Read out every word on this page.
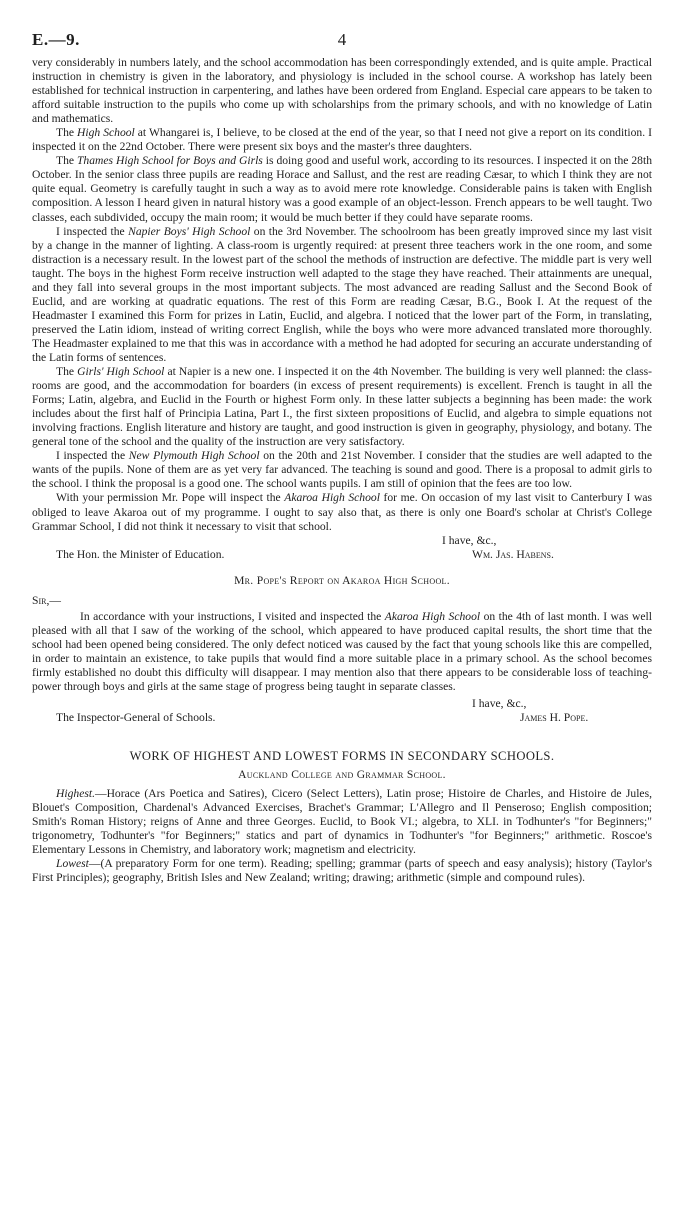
E.—9.	4

very considerably in numbers lately, and the school accommodation has been correspondingly extended, and is quite ample. Practical instruction in chemistry is given in the laboratory, and physiology is included in the school course. A workshop has lately been established for technical instruction in carpentering, and lathes have been ordered from England. Especial care appears to be taken to afford suitable instruction to the pupils who come up with scholarships from the primary schools, and with no knowledge of Latin and mathematics.

The High School at Whangarei is, I believe, to be closed at the end of the year, so that I need not give a report on its condition. I inspected it on the 22nd October. There were present six boys and the master's three daughters.

The Thames High School for Boys and Girls is doing good and useful work, according to its resources. I inspected it on the 28th October. In the senior class three pupils are reading Horace and Sallust, and the rest are reading Cæsar, to which I think they are not quite equal. Geometry is carefully taught in such a way as to avoid mere rote knowledge. Considerable pains is taken with English composition. A lesson I heard given in natural history was a good example of an object-lesson. French appears to be well taught. Two classes, each subdivided, occupy the main room; it would be much better if they could have separate rooms.

I inspected the Napier Boys' High School on the 3rd November. The schoolroom has been greatly improved since my last visit by a change in the manner of lighting. A class-room is urgently required: at present three teachers work in the one room, and some distraction is a necessary result. In the lowest part of the school the methods of instruction are defective. The middle part is very well taught. The boys in the highest Form receive instruction well adapted to the stage they have reached. Their attainments are unequal, and they fall into several groups in the most important subjects. The most advanced are reading Sallust and the Second Book of Euclid, and are working at quadratic equations. The rest of this Form are reading Cæsar, B.G., Book I. At the request of the Headmaster I examined this Form for prizes in Latin, Euclid, and algebra. I noticed that the lower part of the Form, in translating, preserved the Latin idiom, instead of writing correct English, while the boys who were more advanced translated more thoroughly. The Headmaster explained to me that this was in accordance with a method he had adopted for securing an accurate understanding of the Latin forms of sentences.

The Girls' High School at Napier is a new one. I inspected it on the 4th November. The building is very well planned: the class-rooms are good, and the accommodation for boarders (in excess of present requirements) is excellent. French is taught in all the Forms; Latin, algebra, and Euclid in the Fourth or highest Form only. In these latter subjects a beginning has been made: the work includes about the first half of Principia Latina, Part I., the first sixteen propositions of Euclid, and algebra to simple equations not involving fractions. English literature and history are taught, and good instruction is given in geography, physiology, and botany. The general tone of the school and the quality of the instruction are very satisfactory.

I inspected the New Plymouth High School on the 20th and 21st November. I consider that the studies are well adapted to the wants of the pupils. None of them are as yet very far advanced. The teaching is sound and good. There is a proposal to admit girls to the school. I think the proposal is a good one. The school wants pupils. I am still of opinion that the fees are too low.

With your permission Mr. Pope will inspect the Akaroa High School for me. On occasion of my last visit to Canterbury I was obliged to leave Akaroa out of my programme. I ought to say also that, as there is only one Board's scholar at Christ's College Grammar School, I did not think it necessary to visit that school.

I have, &c.,
The Hon. the Minister of Education.	Wm. Jas. Habens.
Mr. Pope's Report on Akaroa High School.
Sir,—

In accordance with your instructions, I visited and inspected the Akaroa High School on the 4th of last month. I was well pleased with all that I saw of the working of the school, which appeared to have produced capital results, the short time that the school had been opened being considered. The only defect noticed was caused by the fact that young schools like this are compelled, in order to maintain an existence, to take pupils that would find a more suitable place in a primary school. As the school becomes firmly established no doubt this difficulty will disappear. I may mention also that there appears to be considerable loss of teaching-power through boys and girls at the same stage of progress being taught in separate classes.

I have, &c.,
The Inspector-General of Schools.	James H. Pope.
WORK OF HIGHEST AND LOWEST FORMS IN SECONDARY SCHOOLS.
Auckland College and Grammar School.

Highest.—Horace (Ars Poetica and Satires), Cicero (Select Letters), Latin prose; Histoire de Charles, and Histoire de Jules, Blouet's Composition, Chardenal's Advanced Exercises, Brachet's Grammar; L'Allegro and Il Penseroso; English composition; Smith's Roman History; reigns of Anne and three Georges. Euclid, to Book VI.; algebra, to XLI. in Todhunter's "for Beginners;" trigonometry, Todhunter's "for Beginners;" statics and part of dynamics in Todhunter's "for Beginners;" arithmetic. Roscoe's Elementary Lessons in Chemistry, and laboratory work; magnetism and electricity.

Lowest—(A preparatory Form for one term). Reading; spelling; grammar (parts of speech and easy analysis); history (Taylor's First Principles); geography, British Isles and New Zealand; writing; drawing; arithmetic (simple and compound rules).
